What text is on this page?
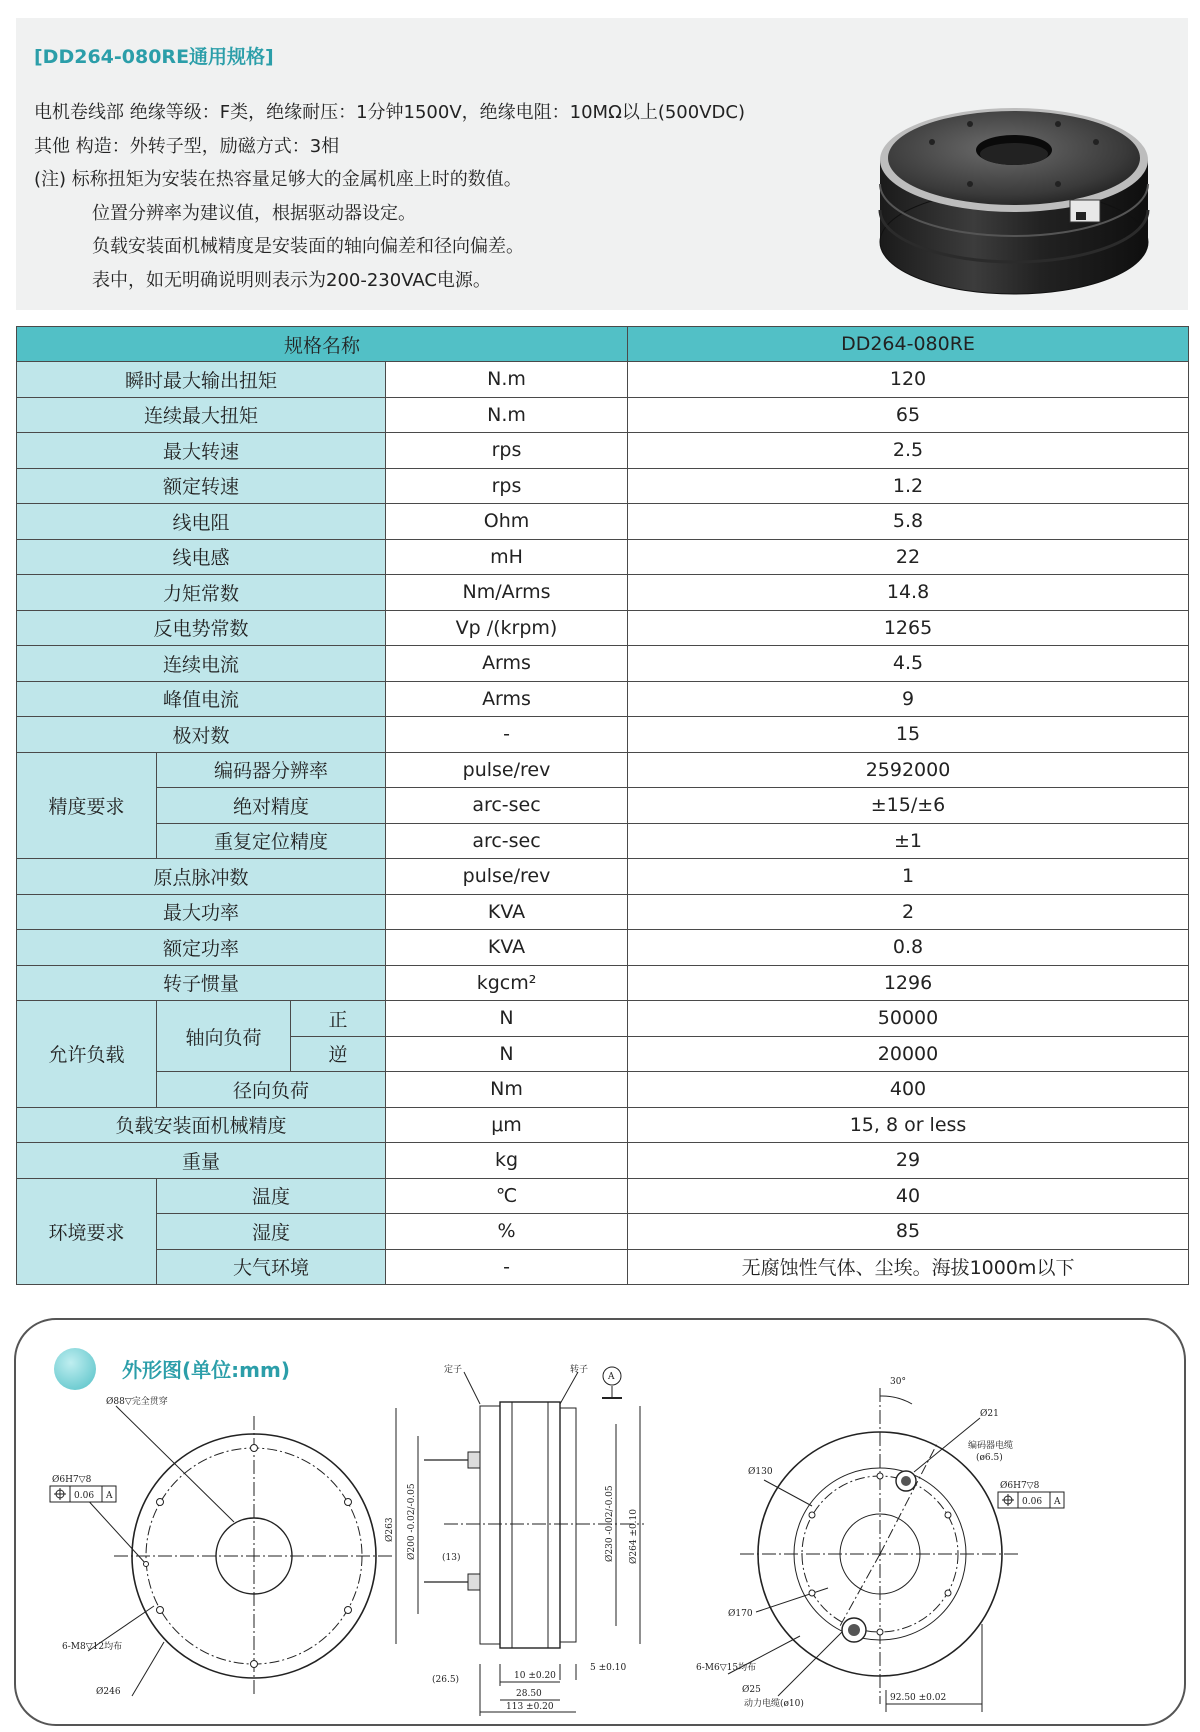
[DD264-080RE通用规格]
电机卷线部 绝缘等级：F类，绝缘耐压：1分钟1500V，绝缘电阻：10MΩ以上(500VDC)
其他 构造：外转子型，励磁方式：3相
(注) 标称扭矩为安装在热容量足够大的金属机座上时的数值。
位置分辨率为建议值，根据驱动器设定。
负载安装面机械精度是安装面的轴向偏差和径向偏差。
表中，如无明确说明则表示为200-230VAC电源。
规格名称				DD264-080RE
瞬时最大输出扭矩			N.m	120
连续最大扭矩			N.m	65
最大转速			rps	2.5
额定转速			rps	1.2
线电阻			Ohm	5.8
线电感			mH	22
力矩常数			Nm/Arms	14.8
反电势常数			Vp /(krpm)	1265
连续电流			Arms	4.5
峰值电流			Arms	9
极对数			-	15
精度要求	编码器分辨率		pulse/rev	2592000
	绝对精度		arc-sec	±15/±6
	重复定位精度		arc-sec	±1
原点脉冲数			pulse/rev	1
最大功率			KVA	2
额定功率			KVA	0.8
转子惯量			kgcm²	1296
允许负载	轴向负荷	正	N	50000
		逆	N	20000
	径向负荷		Nm	400
负载安装面机械精度			μm	15, 8 or less
重量			kg	29
环境要求	温度		℃	40
	湿度		%	85
	大气环境		-	无腐蚀性气体、尘埃。海拔1000m以下
外形图(单位:mm)
Ø88▽完全贯穿
Ø6H7▽8
0.06 A
6-M8▽12均布
Ø246
定子	转子
A
Ø263 Ø200 -0.02/-0.05	Ø230 -0.02/-0.05 Ø264 ±0.10
(13)
(26.5)	10 ±0.20
5 ±0.10
28.50
113 ±0.20
30°
Ø21
Ø130
编码器电缆
(ø6.5)
Ø6H7▽8
0.06 A
Ø170
6-M6▽15均布
Ø25
动力电缆(ø10)
92.50 ±0.02
